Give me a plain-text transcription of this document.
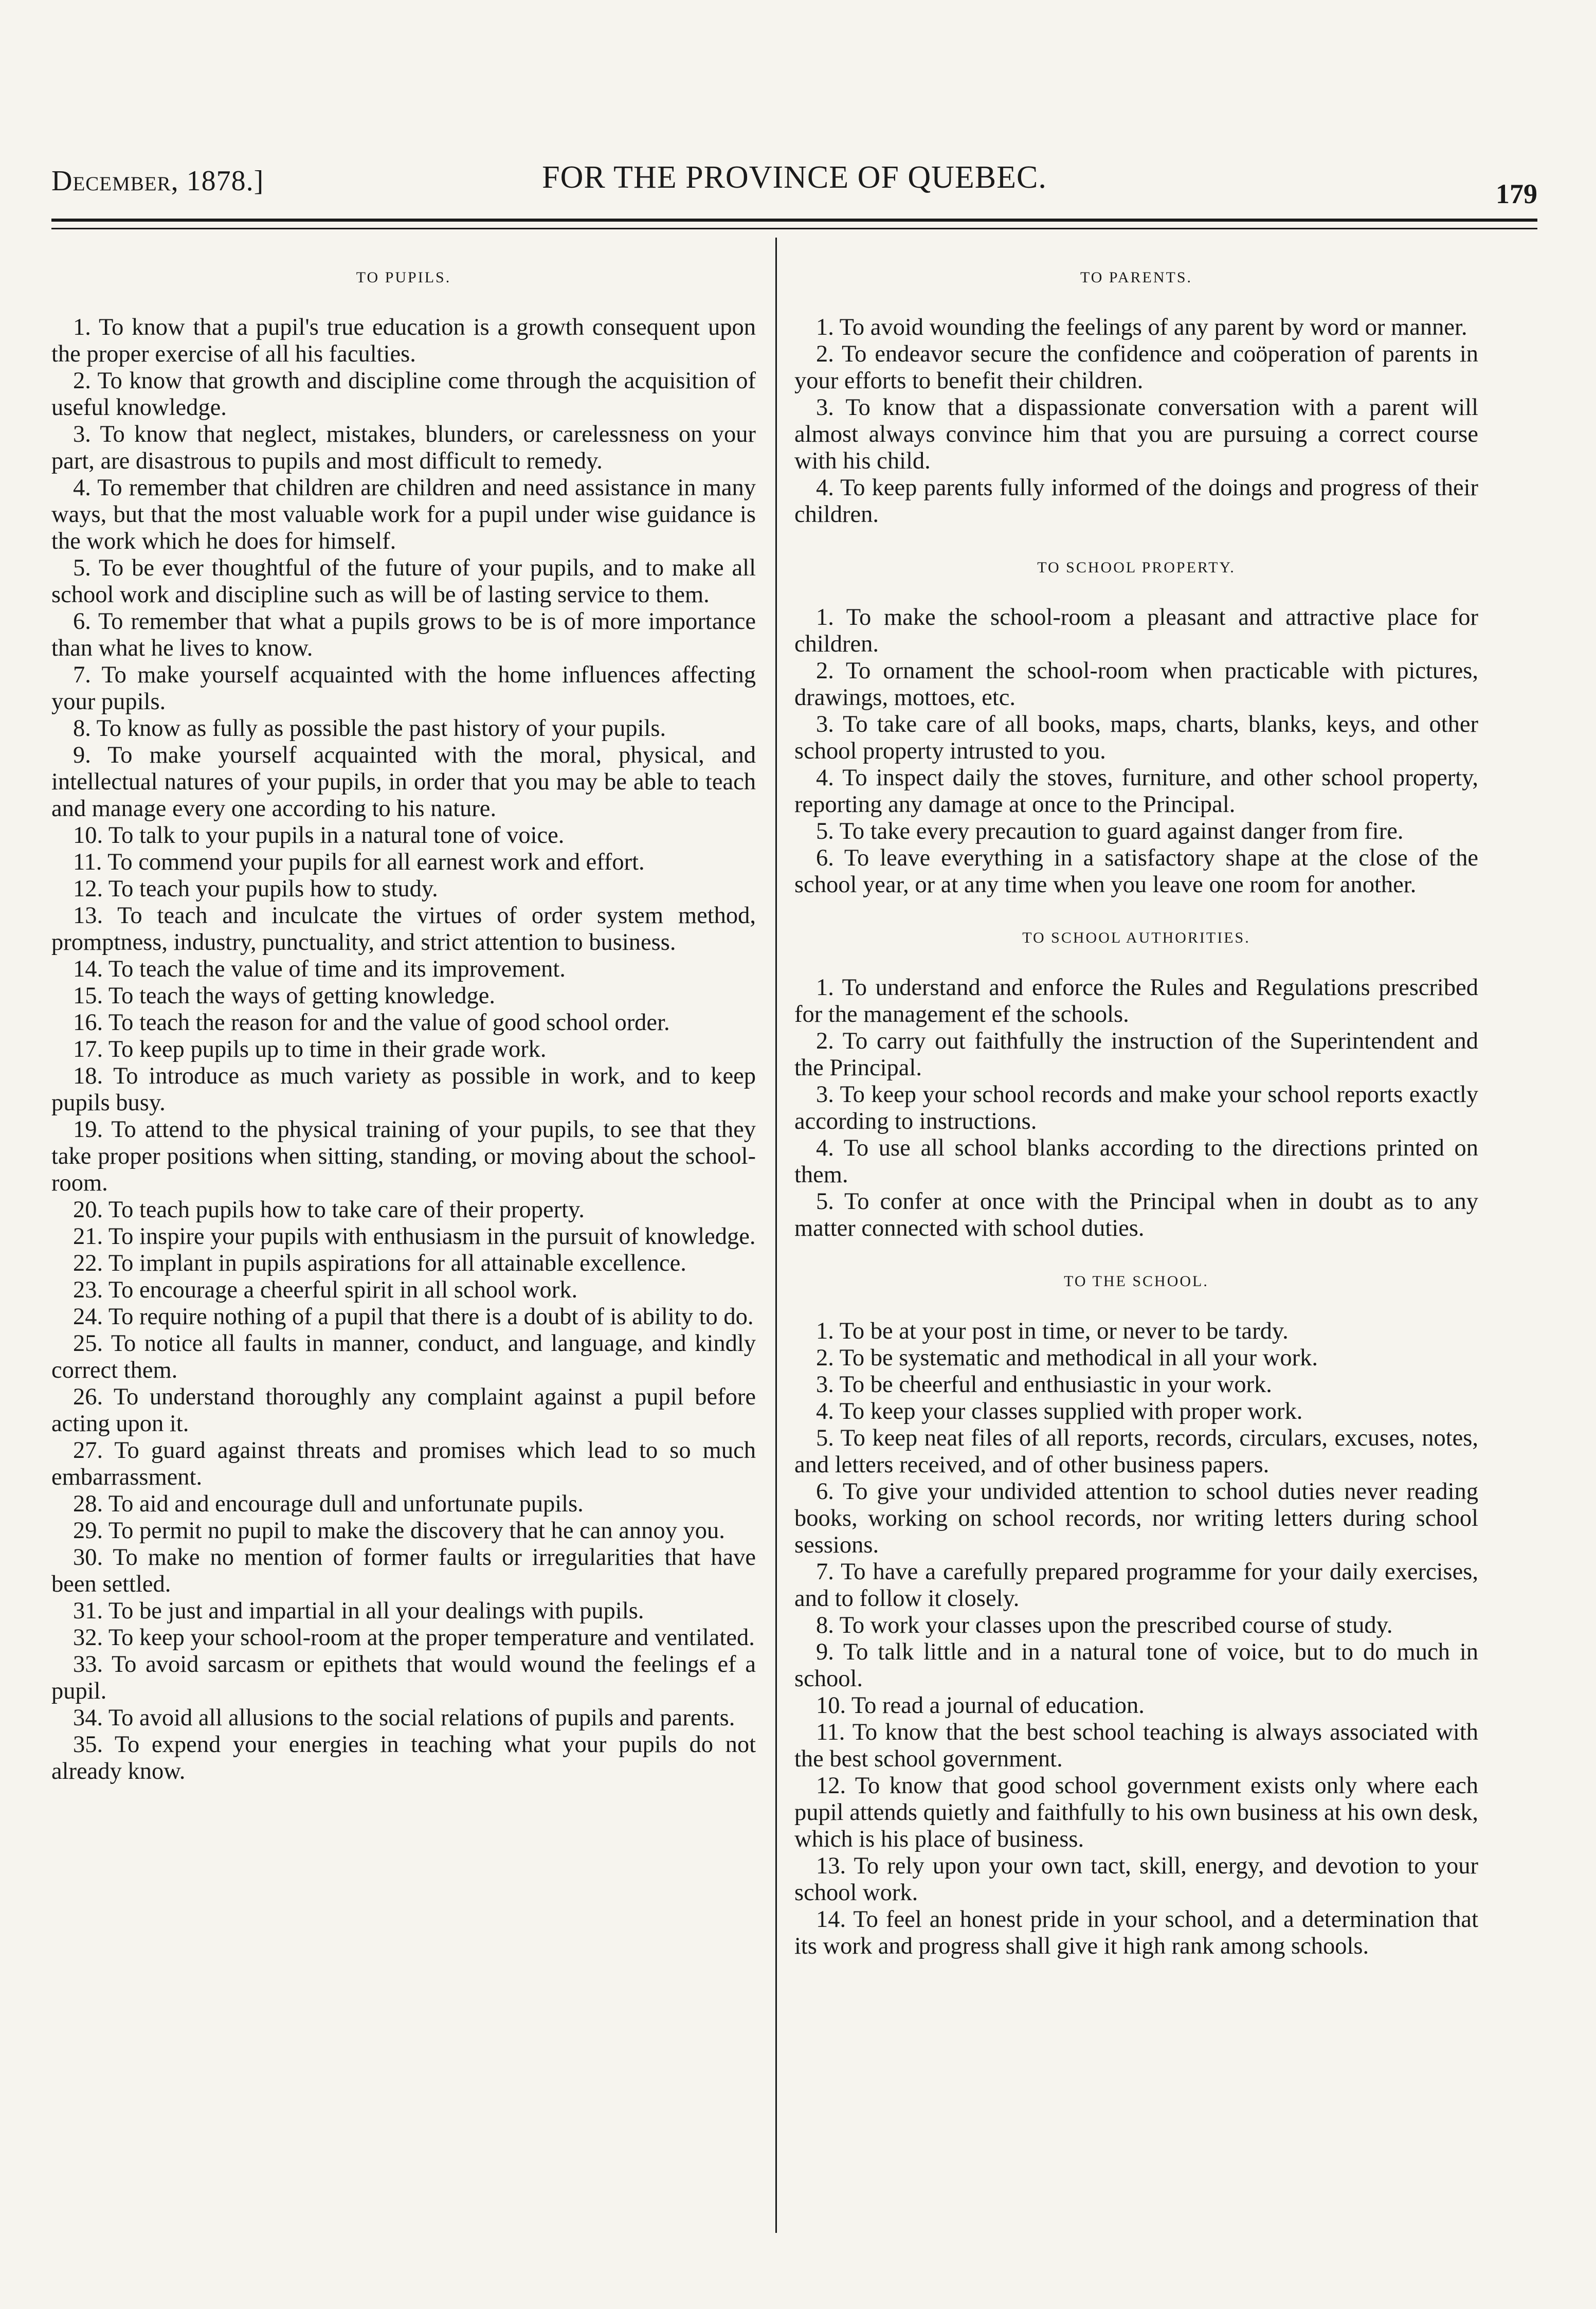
December, 1878.]	FOR THE PROVINCE OF QUEBEC.	179
TO PUPILS.

1. To know that a pupil's true education is a growth consequent upon the proper exercise of all his faculties.

2. To know that growth and discipline come through the acquisition of useful knowledge.

3. To know that neglect, mistakes, blunders, or carelessness on your part, are disastrous to pupils and most difficult to remedy.

4. To remember that children are children and need assistance in many ways, but that the most valuable work for a pupil under wise guidance is the work which he does for himself.

5. To be ever thoughtful of the future of your pupils, and to make all school work and discipline such as will be of lasting service to them.

6. To remember that what a pupils grows to be is of more importance than what he lives to know.

7. To make yourself acquainted with the home influences affecting your pupils.

8. To know as fully as possible the past history of your pupils.

9. To make yourself acquainted with the moral, physical, and intellectual natures of your pupils, in order that you may be able to teach and manage every one according to his nature.

10. To talk to your pupils in a natural tone of voice.

11. To commend your pupils for all earnest work and effort.

12. To teach your pupils how to study.

13. To teach and inculcate the virtues of order system method, promptness, industry, punctuality, and strict attention to business.

14. To teach the value of time and its improvement.

15. To teach the ways of getting knowledge.

16. To teach the reason for and the value of good school order.

17. To keep pupils up to time in their grade work.

18. To introduce as much variety as possible in work, and to keep pupils busy.

19. To attend to the physical training of your pupils, to see that they take proper positions when sitting, standing, or moving about the school-room.

20. To teach pupils how to take care of their property.

21. To inspire your pupils with enthusiasm in the pursuit of knowledge.

22. To implant in pupils aspirations for all attainable excellence.

23. To encourage a cheerful spirit in all school work.

24. To require nothing of a pupil that there is a doubt of is ability to do.

25. To notice all faults in manner, conduct, and language, and kindly correct them.

26. To understand thoroughly any complaint against a pupil before acting upon it.

27. To guard against threats and promises which lead to so much embarrassment.

28. To aid and encourage dull and unfortunate pupils.

29. To permit no pupil to make the discovery that he can annoy you.

30. To make no mention of former faults or irregularities that have been settled.

31. To be just and impartial in all your dealings with pupils.

32. To keep your school-room at the proper temperature and ventilated.

33. To avoid sarcasm or epithets that would wound the feelings ef a pupil.

34. To avoid all allusions to the social relations of pupils and parents.

35. To expend your energies in teaching what your pupils do not already know.

TO PARENTS.

1. To avoid wounding the feelings of any parent by word or manner.

2. To endeavor secure the confidence and coöperation of parents in your efforts to benefit their children.

3. To know that a dispassionate conversation with a parent will almost always convince him that you are pursuing a correct course with his child.

4. To keep parents fully informed of the doings and progress of their children.

TO SCHOOL PROPERTY.

1. To make the school-room a pleasant and attractive place for children.

2. To ornament the school-room when practicable with pictures, drawings, mottoes, etc.

3. To take care of all books, maps, charts, blanks, keys, and other school property intrusted to you.

4. To inspect daily the stoves, furniture, and other school property, reporting any damage at once to the Principal.

5. To take every precaution to guard against danger from fire.

6. To leave everything in a satisfactory shape at the close of the school year, or at any time when you leave one room for another.

TO SCHOOL AUTHORITIES.

1. To understand and enforce the Rules and Regulations prescribed for the management ef the schools.

2. To carry out faithfully the instruction of the Superintendent and the Principal.

3. To keep your school records and make your school reports exactly according to instructions.

4. To use all school blanks according to the directions printed on them.

5. To confer at once with the Principal when in doubt as to any matter connected with school duties.

TO THE SCHOOL.

1. To be at your post in time, or never to be tardy.

2. To be systematic and methodical in all your work.

3. To be cheerful and enthusiastic in your work.

4. To keep your classes supplied with proper work.

5. To keep neat files of all reports, records, circulars, excuses, notes, and letters received, and of other business papers.

6. To give your undivided attention to school duties never reading books, working on school records, nor writing letters during school sessions.

7. To have a carefully prepared programme for your daily exercises, and to follow it closely.

8. To work your classes upon the prescribed course of study.

9. To talk little and in a natural tone of voice, but to do much in school.

10. To read a journal of education.

11. To know that the best school teaching is always associated with the best school government.

12. To know that good school government exists only where each pupil attends quietly and faithfully to his own business at his own desk, which is his place of business.

13. To rely upon your own tact, skill, energy, and devotion to your school work.

14. To feel an honest pride in your school, and a determination that its work and progress shall give it high rank among schools.
